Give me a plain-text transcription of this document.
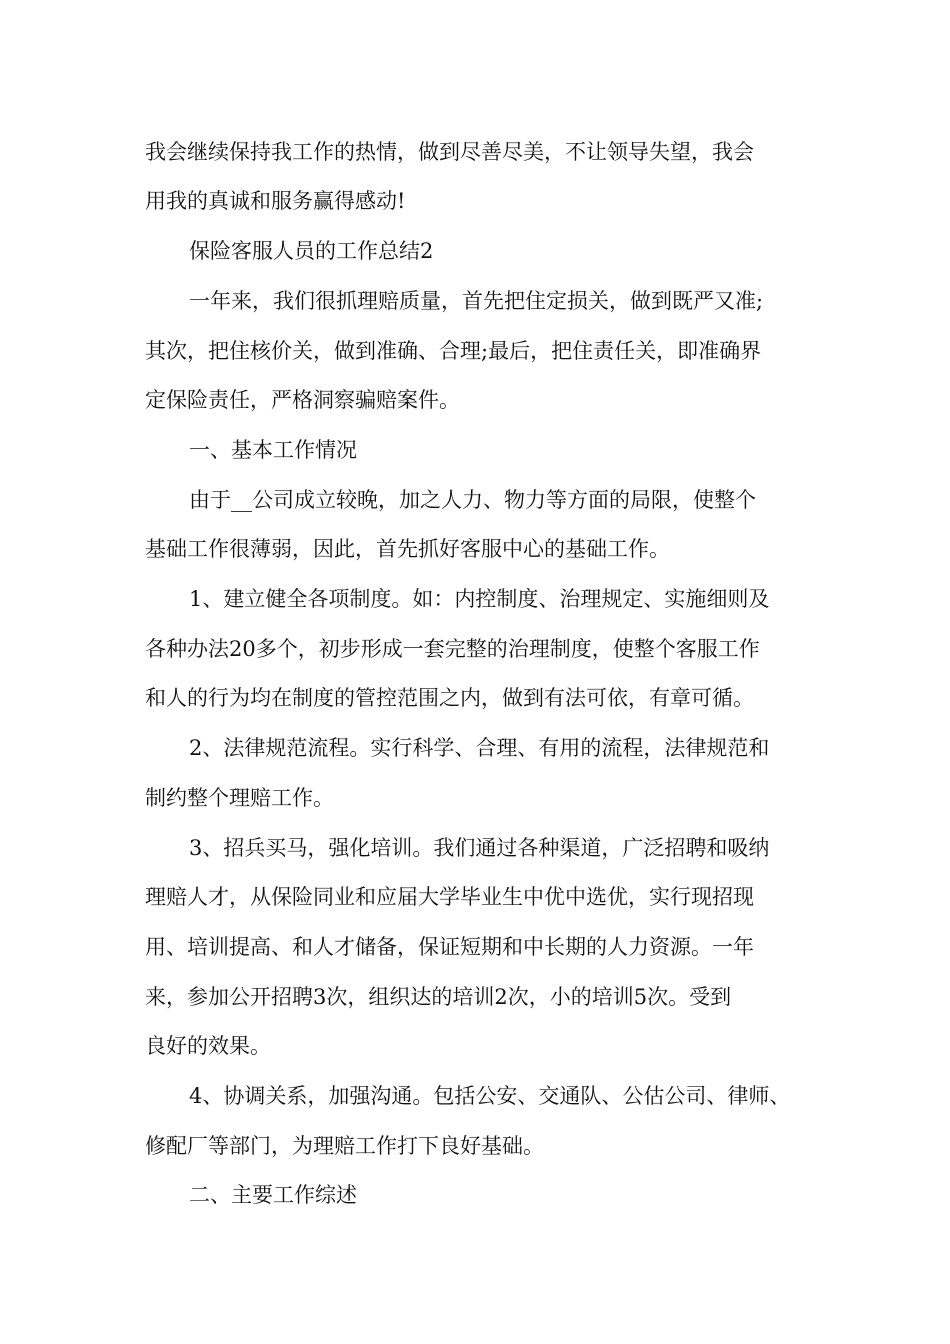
我会继续保持我工作的热情，做到尽善尽美，不让领导失望，我会

用我的真诚和服务赢得感动!

保险客服人员的工作总结2

一年来，我们很抓理赔质量，首先把住定损关，做到既严又准;

其次，把住核价关，做到准确、合理;最后，把住责任关，即准确界

定保险责任，严格洞察骗赔案件。

一、基本工作情况

由于__公司成立较晚，加之人力、物力等方面的局限，使整个

基础工作很薄弱，因此，首先抓好客服中心的基础工作。

1、建立健全各项制度。如：内控制度、治理规定、实施细则及

各种办法20多个，初步形成一套完整的治理制度，使整个客服工作

和人的行为均在制度的管控范围之内，做到有法可依，有章可循。

2、法律规范流程。实行科学、合理、有用的流程，法律规范和

制约整个理赔工作。

3、招兵买马，强化培训。我们通过各种渠道，广泛招聘和吸纳

理赔人才，从保险同业和应届大学毕业生中优中选优，实行现招现

用、培训提高、和人才储备，保证短期和中长期的人力资源。一年

来，参加公开招聘3次，组织达的培训2次，小的培训5次。受到

良好的效果。

4、协调关系，加强沟通。包括公安、交通队、公估公司、律师、

修配厂等部门，为理赔工作打下良好基础。

二、主要工作综述
